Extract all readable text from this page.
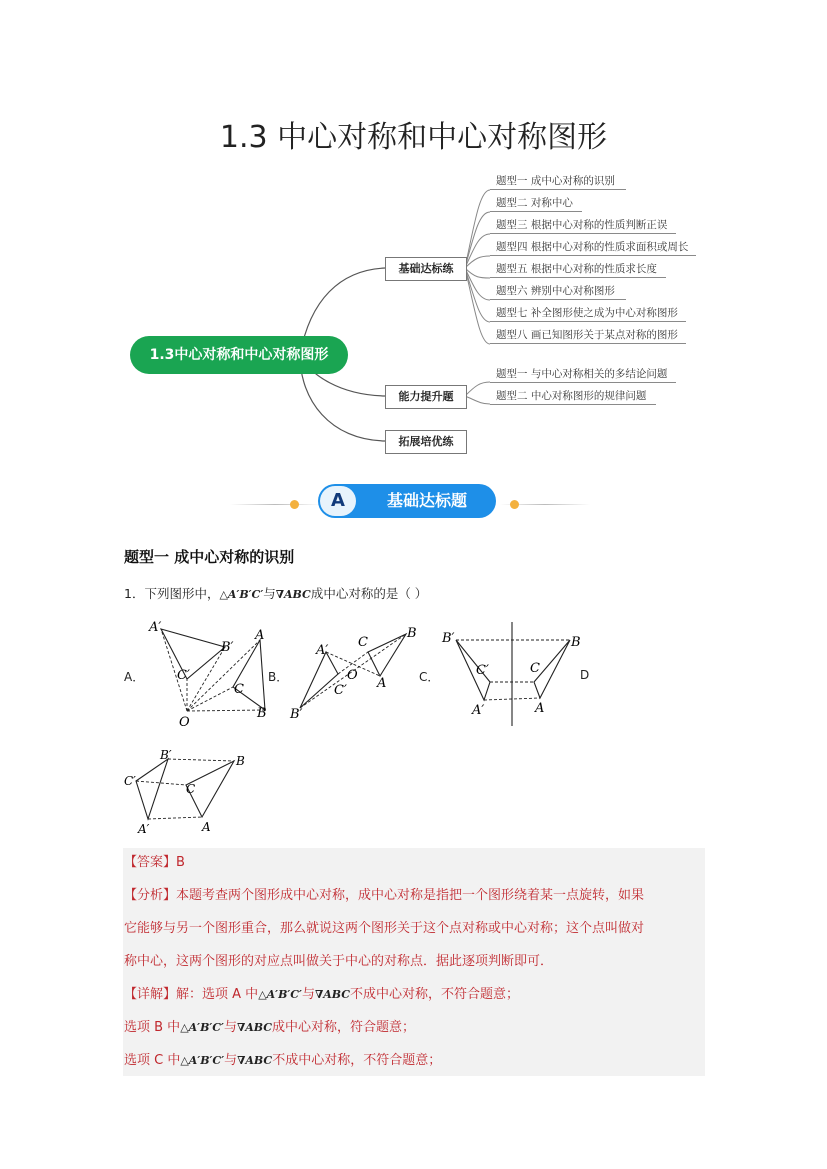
1.3 中心对称和中心对称图形
1.3中心对称和中心对称图形
基础达标练
能力提升题
拓展培优练
题型一 成中心对称的识别
题型二 对称中心
题型三 根据中心对称的性质判断正误
题型四 根据中心对称的性质求面积或周长
题型五 根据中心对称的性质求长度
题型六 辨别中心对称图形
题型七 补全图形使之成为中心对称图形
题型八 画已知图形关于某点对称的图形
题型一 与中心对称相关的多结论问题
题型二 中心对称图形的规律问题
A	基础达标题
题型一 成中心对称的识别
1．下列图形中，△A′B′C′与∇ABC成中心对称的是（ ）
A．	B．	C．	D
A′
B′
A
C′
C
O
B
A′
C
B
O
C′ A
B′
B′	B
C′	C
A′	A
B′	B
C′
C
A′	A
【答案】B
【分析】本题考查两个图形成中心对称，成中心对称是指把一个图形绕着某一点旋转，如果
它能够与另一个图形重合，那么就说这两个图形关于这个点对称或中心对称；这个点叫做对
称中心，这两个图形的对应点叫做关于中心的对称点．据此逐项判断即可．
【详解】解：选项 A 中△A′B′C′与∇ABC不成中心对称，不符合题意；
选项 B 中△A′B′C′与∇ABC成中心对称，符合题意；
选项 C 中△A′B′C′与∇ABC不成中心对称，不符合题意；
